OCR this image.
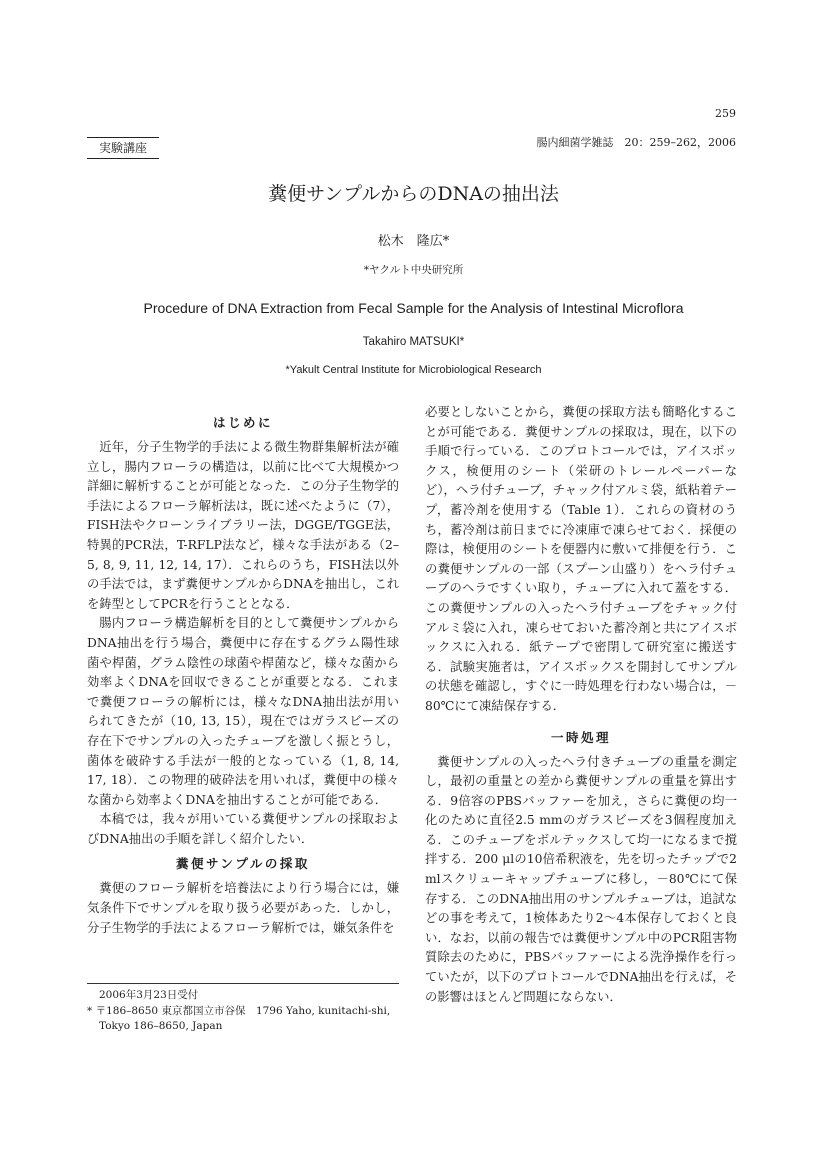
259
実験講座	腸内細菌学雑誌　20：259–262，2006
糞便サンプルからのDNAの抽出法
松木　隆広*
*ヤクルト中央研究所
Procedure of DNA Extraction from Fecal Sample for the Analysis of Intestinal Microflora
Takahiro MATSUKI*
*Yakult Central Institute for Microbiological Research
はじめに

近年，分子生物学的手法による微生物群集解析法が確立し，腸内フローラの構造は，以前に比べて大規模かつ詳細に解析することが可能となった．この分子生物学的手法によるフローラ解析法は，既に述べたように（7），FISH法やクローンライブラリー法，DGGE/TGGE法，特異的PCR法，T-RFLP法など，様々な手法がある（2–5, 8, 9, 11, 12, 14, 17）．これらのうち，FISH法以外の手法では，まず糞便サンプルからDNAを抽出し，これを鋳型としてPCRを行うこととなる．

腸内フローラ構造解析を目的として糞便サンプルからDNA抽出を行う場合，糞便中に存在するグラム陽性球菌や桿菌，グラム陰性の球菌や桿菌など，様々な菌から効率よくDNAを回収できることが重要となる．これまで糞便フローラの解析には，様々なDNA抽出法が用いられてきたが（10, 13, 15），現在ではガラスビーズの存在下でサンプルの入ったチューブを激しく振とうし，菌体を破砕する手法が一般的となっている（1, 8, 14, 17, 18）．この物理的破砕法を用いれば，糞便中の様々な菌から効率よくDNAを抽出することが可能である．

本稿では，我々が用いている糞便サンプルの採取およびDNA抽出の手順を詳しく紹介したい．

糞便サンプルの採取

糞便のフローラ解析を培養法により行う場合には，嫌気条件下でサンプルを取り扱う必要があった．しかし，分子生物学的手法によるフローラ解析では，嫌気条件を

必要としないことから，糞便の採取方法も簡略化することが可能である．糞便サンプルの採取は，現在，以下の手順で行っている．このプロトコールでは，アイスボックス，検便用のシート（栄研のトレールペーパーなど），ヘラ付チューブ，チャック付アルミ袋，紙粘着テープ，蓄冷剤を使用する（Table 1）．これらの資材のうち，蓄冷剤は前日までに冷凍庫で凍らせておく．採便の際は，検便用のシートを便器内に敷いて排便を行う．この糞便サンプルの一部（スプーン山盛り）をヘラ付チューブのヘラですくい取り，チューブに入れて蓋をする．この糞便サンプルの入ったヘラ付チューブをチャック付アルミ袋に入れ，凍らせておいた蓄冷剤と共にアイスボックスに入れる．紙テープで密閉して研究室に搬送する．試験実施者は，アイスボックスを開封してサンプルの状態を確認し，すぐに一時処理を行わない場合は，－80℃にて凍結保存する．

一時処理

糞便サンプルの入ったヘラ付きチューブの重量を測定し，最初の重量との差から糞便サンプルの重量を算出する．9倍容のPBSバッファーを加え，さらに糞便の均一化のために直径2.5 mmのガラスビーズを3個程度加える．このチューブをボルテックスして均一になるまで撹拌する．200 μlの10倍希釈液を，先を切ったチップで2 mlスクリューキャップチューブに移し，－80℃にて保存する．このDNA抽出用のサンプルチューブは，追試などの事を考えて，1検体あたり2～4本保存しておくと良い．なお，以前の報告では糞便サンプル中のPCR阻害物質除去のために，PBSバッファーによる洗浄操作を行っていたが，以下のプロトコールでDNA抽出を行えば，その影響はほとんど問題にならない．

2006年3月23日受付
* 〒186–8650 東京都国立市谷保　1796 Yaho, kunitachi-shi,
Tokyo 186–8650, Japan
